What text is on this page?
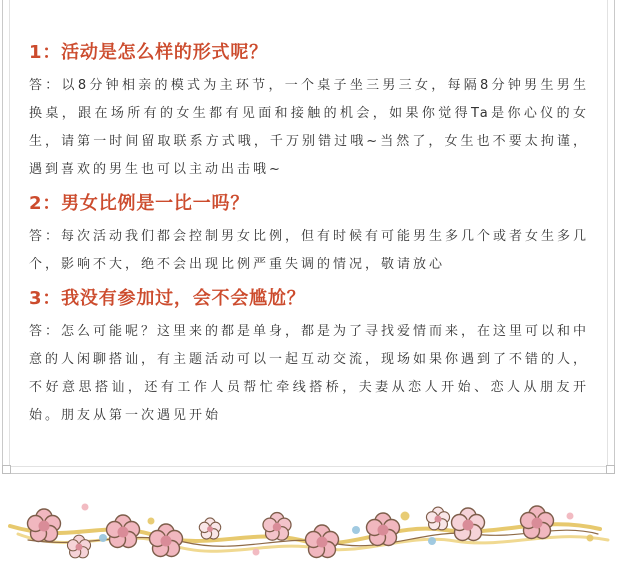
1：活动是怎么样的形式呢？

答：以8分钟相亲的模式为主环节，一个桌子坐三男三女，每隔8分钟男生男生换桌，跟在场所有的女生都有见面和接触的机会，如果你觉得Ta是你心仪的女生，请第一时间留取联系方式哦，千万别错过哦~当然了，女生也不要太拘谨，遇到喜欢的男生也可以主动出击哦~

2：男女比例是一比一吗？

答：每次活动我们都会控制男女比例，但有时候有可能男生多几个或者女生多几个，影响不大，绝不会出现比例严重失调的情况，敬请放心

3：我没有参加过，会不会尴尬？

答：怎么可能呢？这里来的都是单身，都是为了寻找爱情而来，在这里可以和中意的人闲聊搭讪，有主题活动可以一起互动交流，现场如果你遇到了不错的人，不好意思搭讪，还有工作人员帮忙牵线搭桥，夫妻从恋人开始、恋人从朋友开始。朋友从第一次遇见开始
